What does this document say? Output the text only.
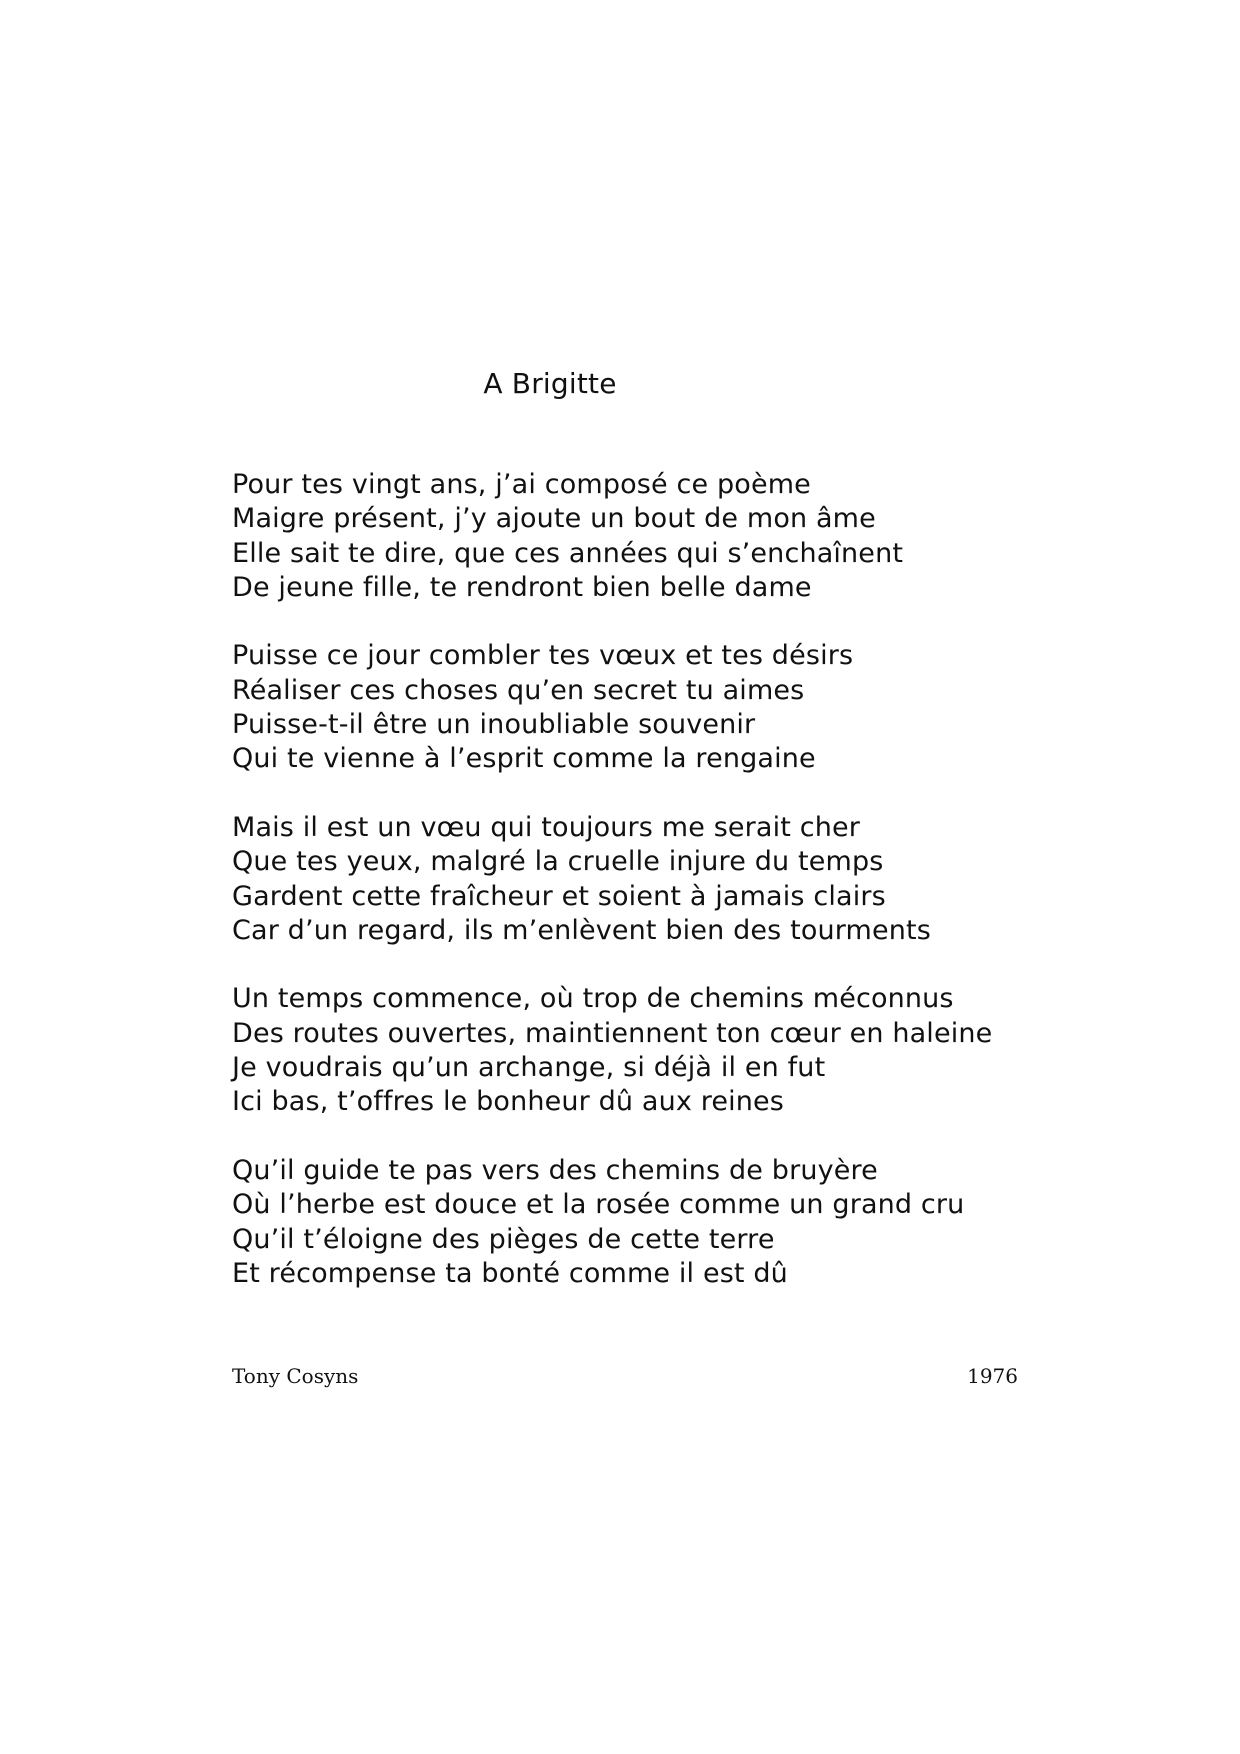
A Brigitte
Pour tes vingt ans, j’ai composé ce poème
Maigre présent, j’y ajoute un bout de mon âme
Elle sait te dire, que ces années qui s’enchaînent
De jeune fille, te rendront bien belle dame
Puisse ce jour combler tes vœux et tes désirs
Réaliser ces choses qu’en secret tu aimes
Puisse-t-il être un inoubliable souvenir
Qui te vienne à l’esprit comme la rengaine
Mais il est un vœu qui toujours me serait cher
Que tes yeux, malgré la cruelle injure du temps
Gardent cette fraîcheur et soient à jamais clairs
Car d’un regard, ils m’enlèvent bien des tourments
Un temps commence, où trop de chemins méconnus
Des routes ouvertes, maintiennent ton cœur en haleine
Je voudrais qu’un archange, si déjà il en fut
Ici bas, t’offres le bonheur dû aux reines
Qu’il guide te pas vers des chemins de bruyère
Où l’herbe est douce et la rosée comme un grand cru
Qu’il t’éloigne des pièges de cette terre
Et récompense ta bonté comme il est dû
Tony Cosyns	1976
